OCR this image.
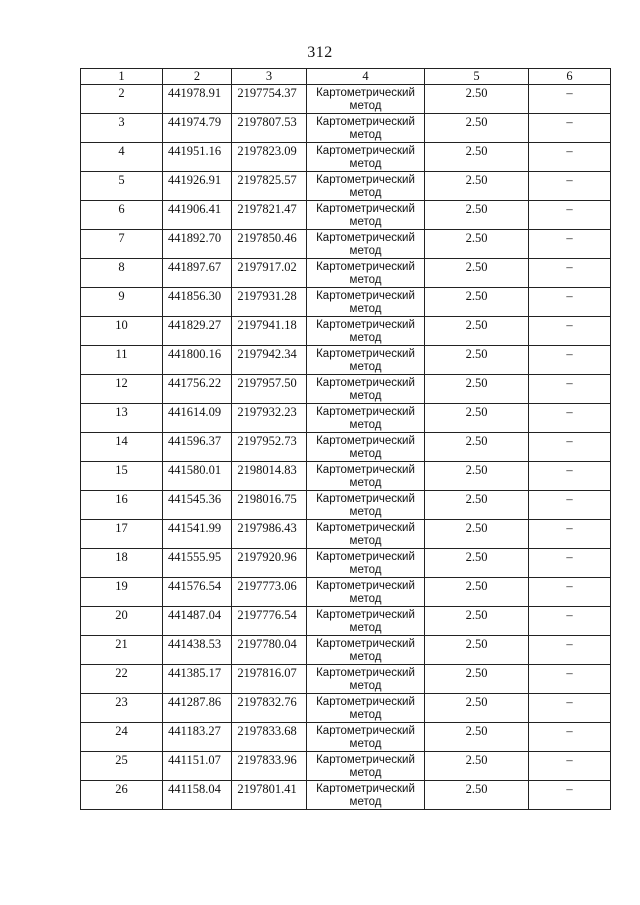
312
1	2	3	4	5	6
2	441978.91	2197754.37	Картометрический метод	2.50	–
3	441974.79	2197807.53	Картометрический метод	2.50	–
4	441951.16	2197823.09	Картометрический метод	2.50	–
5	441926.91	2197825.57	Картометрический метод	2.50	–
6	441906.41	2197821.47	Картометрический метод	2.50	–
7	441892.70	2197850.46	Картометрический метод	2.50	–
8	441897.67	2197917.02	Картометрический метод	2.50	–
9	441856.30	2197931.28	Картометрический метод	2.50	–
10	441829.27	2197941.18	Картометрический метод	2.50	–
11	441800.16	2197942.34	Картометрический метод	2.50	–
12	441756.22	2197957.50	Картометрический метод	2.50	–
13	441614.09	2197932.23	Картометрический метод	2.50	–
14	441596.37	2197952.73	Картометрический метод	2.50	–
15	441580.01	2198014.83	Картометрический метод	2.50	–
16	441545.36	2198016.75	Картометрический метод	2.50	–
17	441541.99	2197986.43	Картометрический метод	2.50	–
18	441555.95	2197920.96	Картометрический метод	2.50	–
19	441576.54	2197773.06	Картометрический метод	2.50	–
20	441487.04	2197776.54	Картометрический метод	2.50	–
21	441438.53	2197780.04	Картометрический метод	2.50	–
22	441385.17	2197816.07	Картометрический метод	2.50	–
23	441287.86	2197832.76	Картометрический метод	2.50	–
24	441183.27	2197833.68	Картометрический метод	2.50	–
25	441151.07	2197833.96	Картометрический метод	2.50	–
26	441158.04	2197801.41	Картометрический метод	2.50	–
